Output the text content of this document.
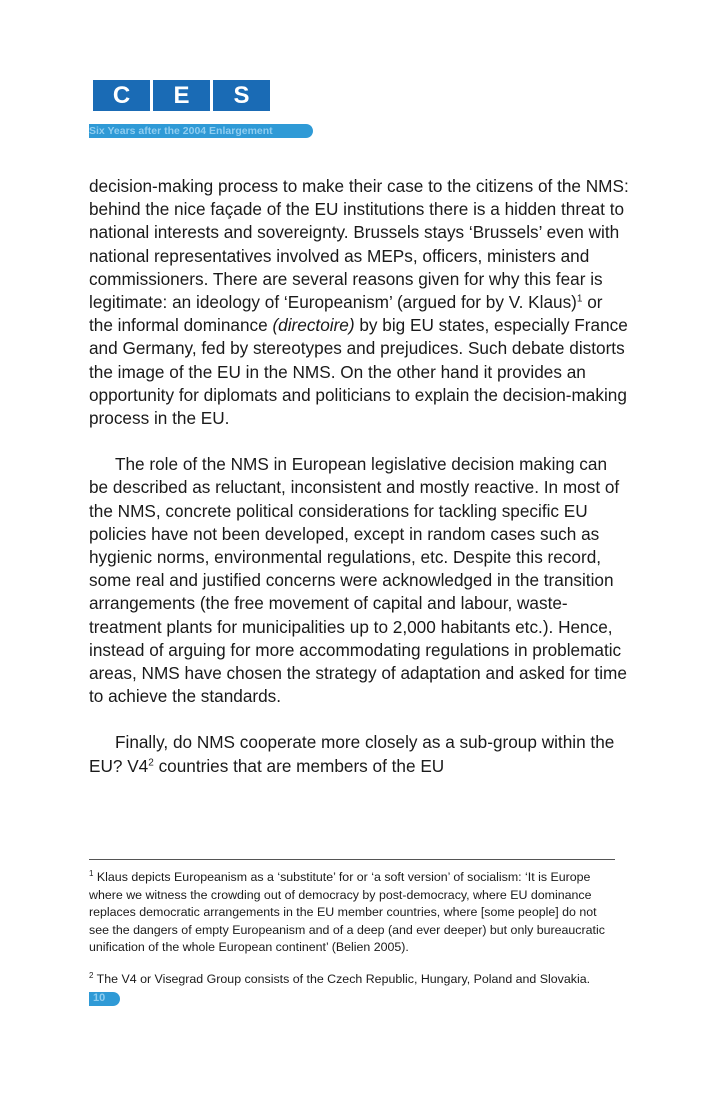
C	E	S
Six Years after the 2004 Enlargement

decision-making process to make their case to the citizens of the NMS: behind the nice façade of the EU institutions there is a hidden threat to national interests and sovereignty. Brussels stays ‘Brussels’ even with national representatives involved as MEPs, officers, ministers and commissioners. There are several reasons given for why this fear is legitimate: an ideology of ‘Europeanism’ (argued for by V. Klaus)$^1$ or the informal dominance (directoire) by big EU states, especially France and Germany, fed by stereotypes and prejudices. Such debate distorts the image of the EU in the NMS. On the other hand it provides an opportunity for diplomats and politicians to explain the decision-making process in the EU.

The role of the NMS in European legislative decision making can be described as reluctant, inconsistent and mostly reactive. In most of the NMS, concrete political considerations for tackling specific EU policies have not been developed, except in random cases such as hygienic norms, environmental regulations, etc. Despite this record, some real and justified concerns were acknowledged in the transition arrangements (the free movement of capital and labour, waste-treatment plants for municipalities up to 2,000 habitants etc.). Hence, instead of arguing for more accommodating regulations in problematic areas, NMS have chosen the strategy of adaptation and asked for time to achieve the standards.

Finally, do NMS cooperate more closely as a sub-group within the EU? $V4^2$ countries that are members of the EU

$^1$ Klaus depicts Europeanism as a ‘substitute’ for or ‘a soft version’ of socialism: ‘It is Europe where we witness the crowding out of democracy by post-democracy, where EU dominance replaces democratic arrangements in the EU member countries, where [some people] do not see the dangers of empty Europeanism and of a deep (and ever deeper) but only bureaucratic unification of the whole European continent’ (Belien 2005).

$^2$ The V4 or Visegrad Group consists of the Czech Republic, Hungary, Poland and Slovakia.

10
